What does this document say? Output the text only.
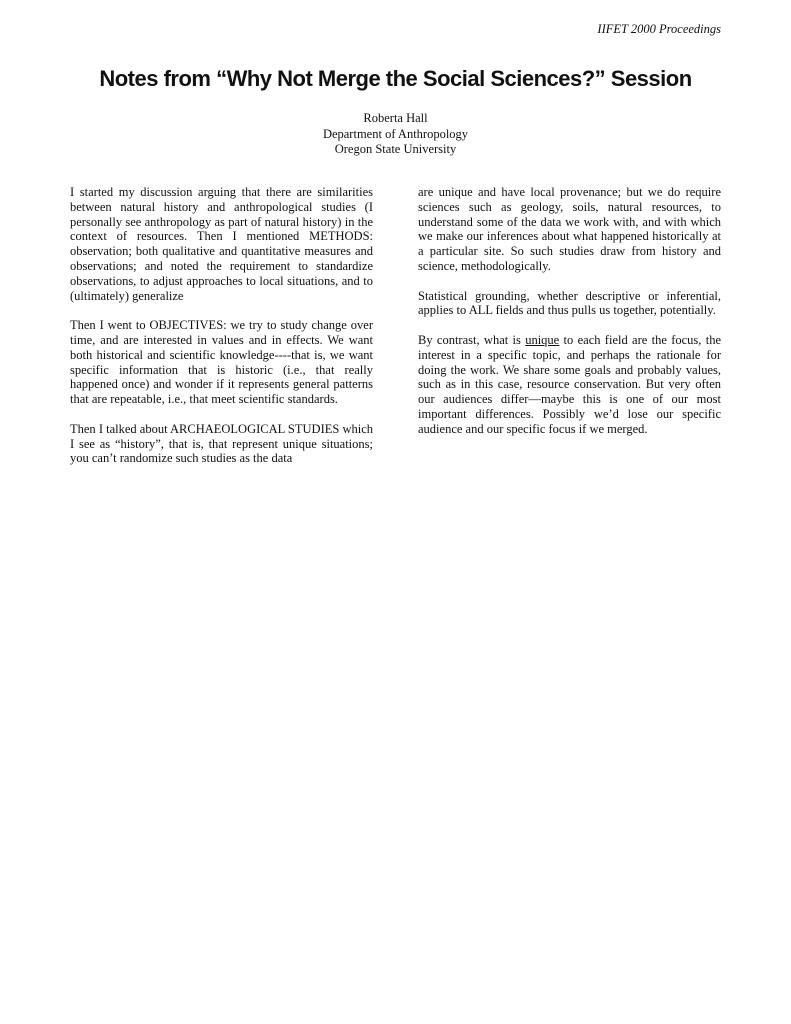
IIFET 2000 Proceedings

Notes from “Why Not Merge the Social Sciences?” Session
Roberta Hall
Department of Anthropology
Oregon State University

I started my discussion arguing that there are similarities between natural history and anthropological studies (I personally see anthropology as part of natural history) in the context of resources. Then I mentioned METHODS: observation; both qualitative and quantitative measures and observations; and noted the requirement to standardize observations, to adjust approaches to local situations, and to (ultimately) generalize

Then I went to OBJECTIVES: we try to study change over time, and are interested in values and in effects. We want both historical and scientific knowledge----that is, we want specific information that is historic (i.e., that really happened once) and wonder if it represents general patterns that are repeatable, i.e., that meet scientific standards.

Then I talked about ARCHAEOLOGICAL STUDIES which I see as “history”, that is, that represent unique situations; you can’t randomize such studies as the data

are unique and have local provenance; but we do require sciences such as geology, soils, natural resources, to understand some of the data we work with, and with which we make our inferences about what happened historically at a particular site. So such studies draw from history and science, methodologically.

Statistical grounding, whether descriptive or inferential, applies to ALL fields and thus pulls us together, potentially.

By contrast, what is unique to each field are the focus, the interest in a specific topic, and perhaps the rationale for doing the work. We share some goals and probably values, such as in this case, resource conservation. But very often our audiences differ—maybe this is one of our most important differences. Possibly we’d lose our specific audience and our specific focus if we merged.
